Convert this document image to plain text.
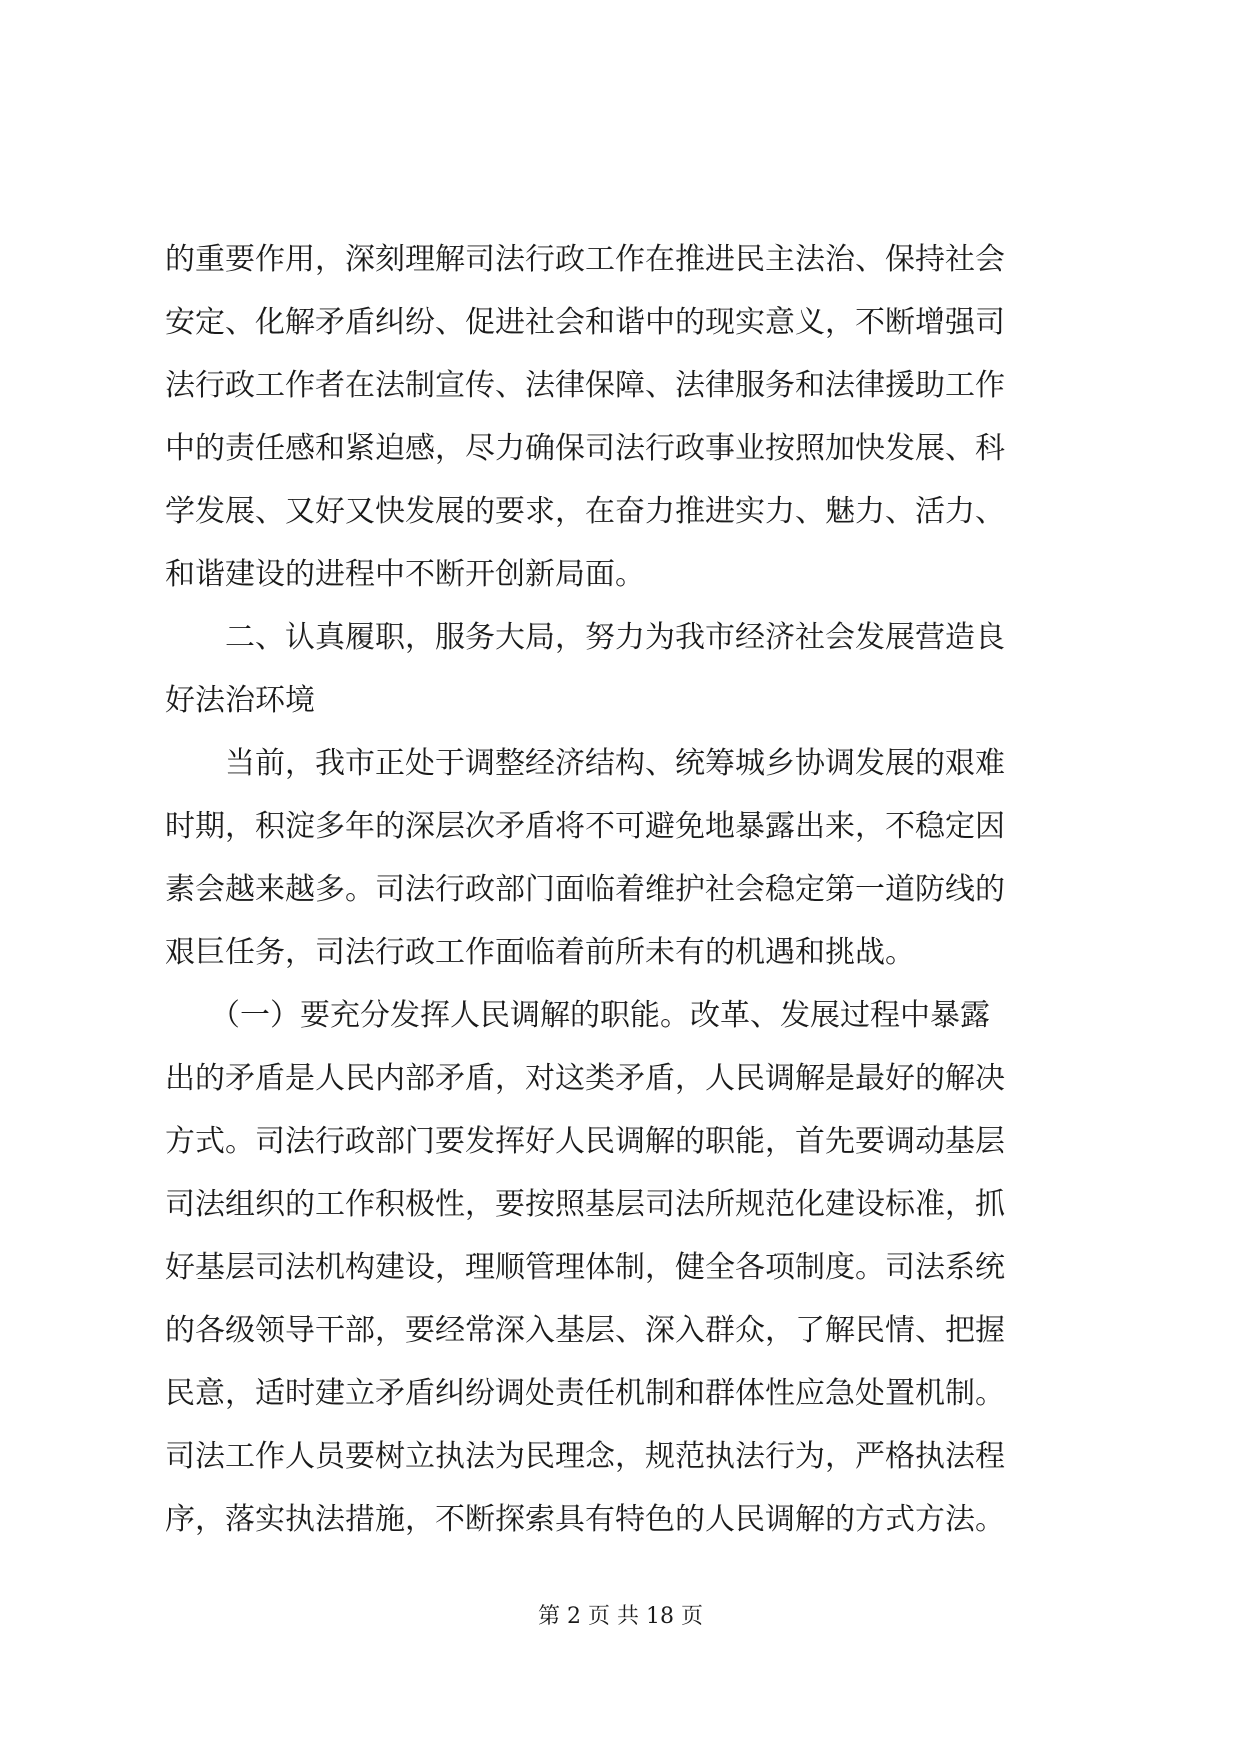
的重要作用，深刻理解司法行政工作在推进民主法治、保持社会
安定、化解矛盾纠纷、促进社会和谐中的现实意义，不断增强司
法行政工作者在法制宣传、法律保障、法律服务和法律援助工作
中的责任感和紧迫感，尽力确保司法行政事业按照加快发展、科
学发展、又好又快发展的要求，在奋力推进实力、魅力、活力、
和谐建设的进程中不断开创新局面。
　　二、认真履职，服务大局，努力为我市经济社会发展营造良
好法治环境
　　当前，我市正处于调整经济结构、统筹城乡协调发展的艰难
时期，积淀多年的深层次矛盾将不可避免地暴露出来，不稳定因
素会越来越多。司法行政部门面临着维护社会稳定第一道防线的
艰巨任务，司法行政工作面临着前所未有的机遇和挑战。
　　（一）要充分发挥人民调解的职能。改革、发展过程中暴露
出的矛盾是人民内部矛盾，对这类矛盾，人民调解是最好的解决
方式。司法行政部门要发挥好人民调解的职能，首先要调动基层
司法组织的工作积极性，要按照基层司法所规范化建设标准，抓
好基层司法机构建设，理顺管理体制，健全各项制度。司法系统
的各级领导干部，要经常深入基层、深入群众，了解民情、把握
民意，适时建立矛盾纠纷调处责任机制和群体性应急处置机制。
司法工作人员要树立执法为民理念，规范执法行为，严格执法程
序，落实执法措施，不断探索具有特色的人民调解的方式方法。
第 2 页 共 18 页
